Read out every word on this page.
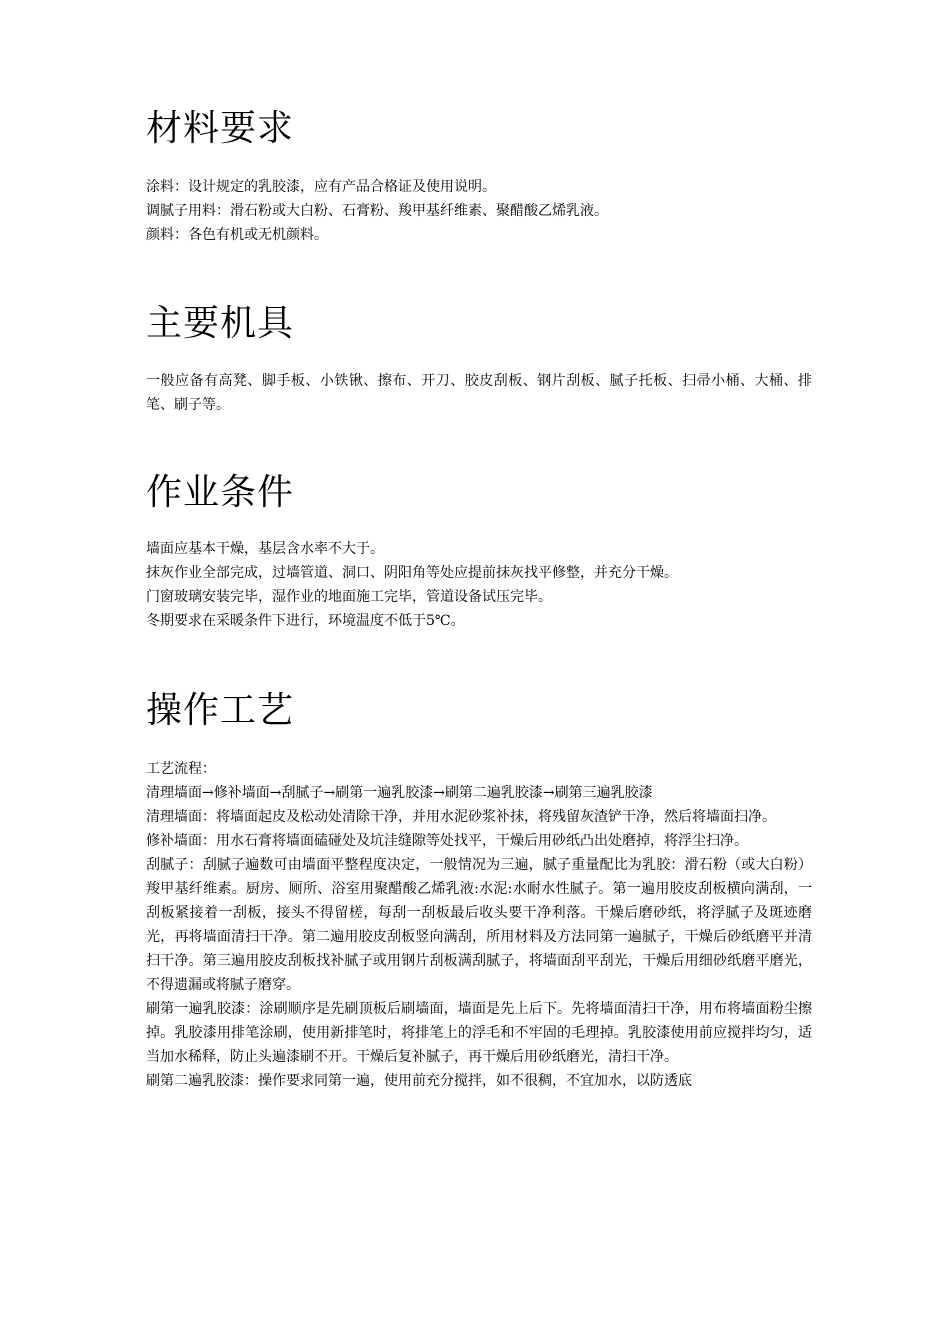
材料要求

涂料：设计规定的乳胶漆，应有产品合格证及使用说明。

调腻子用料：滑石粉或大白粉、石膏粉、羧甲基纤维素、聚醋酸乙烯乳液。

颜料：各色有机或无机颜料。

主要机具

一般应备有高凳、脚手板、小铁锹、擦布、开刀、胶皮刮板、钢片刮板、腻子托板、扫帚小桶、大桶、排笔、刷子等。

作业条件

墙面应基本干燥，基层含水率不大于。

抹灰作业全部完成，过墙管道、洞口、阴阳角等处应提前抹灰找平修整，并充分干燥。

门窗玻璃安装完毕，湿作业的地面施工完毕，管道设备试压完毕。

冬期要求在采暖条件下进行，环境温度不低于5℃。

操作工艺

工艺流程：

清理墙面→修补墙面→刮腻子→刷第一遍乳胶漆→刷第二遍乳胶漆→刷第三遍乳胶漆

清理墙面：将墙面起皮及松动处清除干净，并用水泥砂浆补抹，将残留灰渣铲干净，然后将墙面扫净。

修补墙面：用水石膏将墙面磕碰处及坑洼缝隙等处找平，干燥后用砂纸凸出处磨掉，将浮尘扫净。

刮腻子：刮腻子遍数可由墙面平整程度决定，一般情况为三遍，腻子重量配比为乳胶：滑石粉（或大白粉）羧甲基纤维素。厨房、厕所、浴室用聚醋酸乙烯乳液:水泥:水耐水性腻子。第一遍用胶皮刮板横向满刮，一刮板紧接着一刮板，接头不得留槎，每刮一刮板最后收头要干净利落。干燥后磨砂纸，将浮腻子及斑迹磨光，再将墙面清扫干净。第二遍用胶皮刮板竖向满刮，所用材料及方法同第一遍腻子，干燥后砂纸磨平并清扫干净。第三遍用胶皮刮板找补腻子或用钢片刮板满刮腻子，将墙面刮平刮光，干燥后用细砂纸磨平磨光，不得遗漏或将腻子磨穿。

刷第一遍乳胶漆：涂刷顺序是先刷顶板后刷墙面，墙面是先上后下。先将墙面清扫干净，用布将墙面粉尘擦掉。乳胶漆用排笔涂刷，使用新排笔时，将排笔上的浮毛和不牢固的毛理掉。乳胶漆使用前应搅拌均匀，适当加水稀释，防止头遍漆刷不开。干燥后复补腻子，再干燥后用砂纸磨光，清扫干净。

刷第二遍乳胶漆：操作要求同第一遍，使用前充分搅拌，如不很稠，不宜加水，以防透底
